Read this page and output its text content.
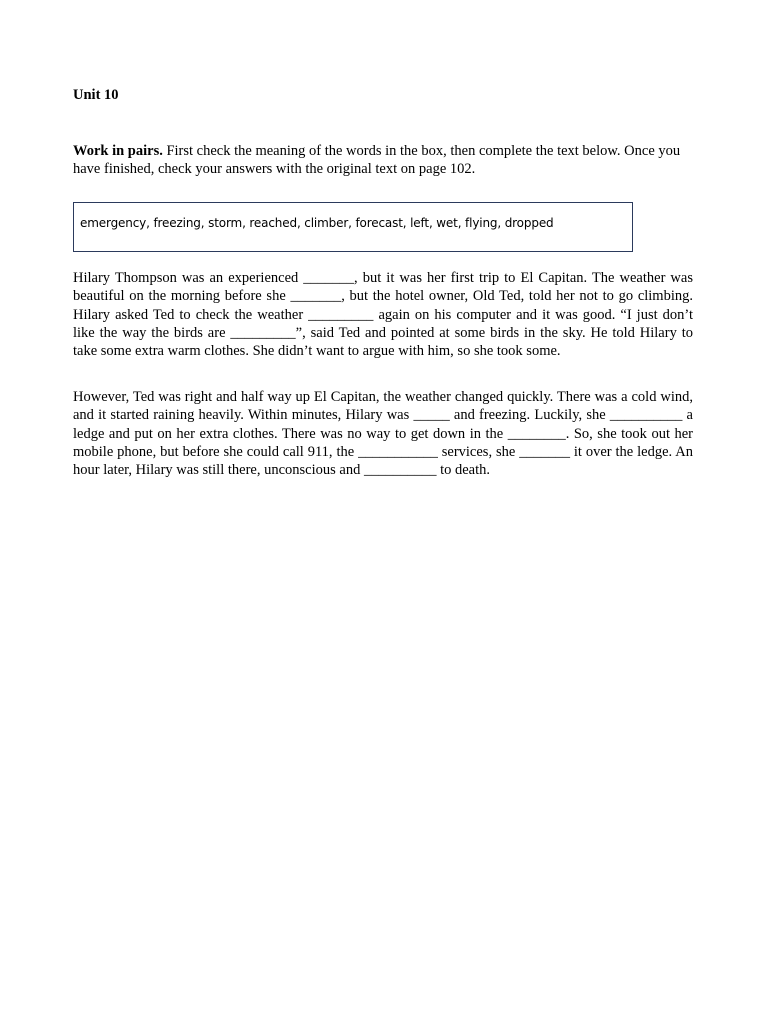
Unit 10
Work in pairs. First check the meaning of the words in the box, then complete the text below. Once you have finished, check your answers with the original text on page 102.
emergency, freezing, storm, reached, climber, forecast, left, wet, flying, dropped

Hilary Thompson was an experienced _______, but it was her first trip to El Capitan. The weather was beautiful on the morning before she _______, but the hotel owner, Old Ted, told her not to go climbing. Hilary asked Ted to check the weather _________ again on his computer and it was good. “I just don’t like the way the birds are _________”, said Ted and pointed at some birds in the sky. He told Hilary to take some extra warm clothes. She didn’t want to argue with him, so she took some.

However, Ted was right and half way up El Capitan, the weather changed quickly. There was a cold wind, and it started raining heavily. Within minutes, Hilary was _____ and freezing. Luckily, she __________ a ledge and put on her extra clothes. There was no way to get down in the ________. So, she took out her mobile phone, but before she could call 911, the ___________ services, she _______ it over the ledge. An hour later, Hilary was still there, unconscious and __________ to death.
